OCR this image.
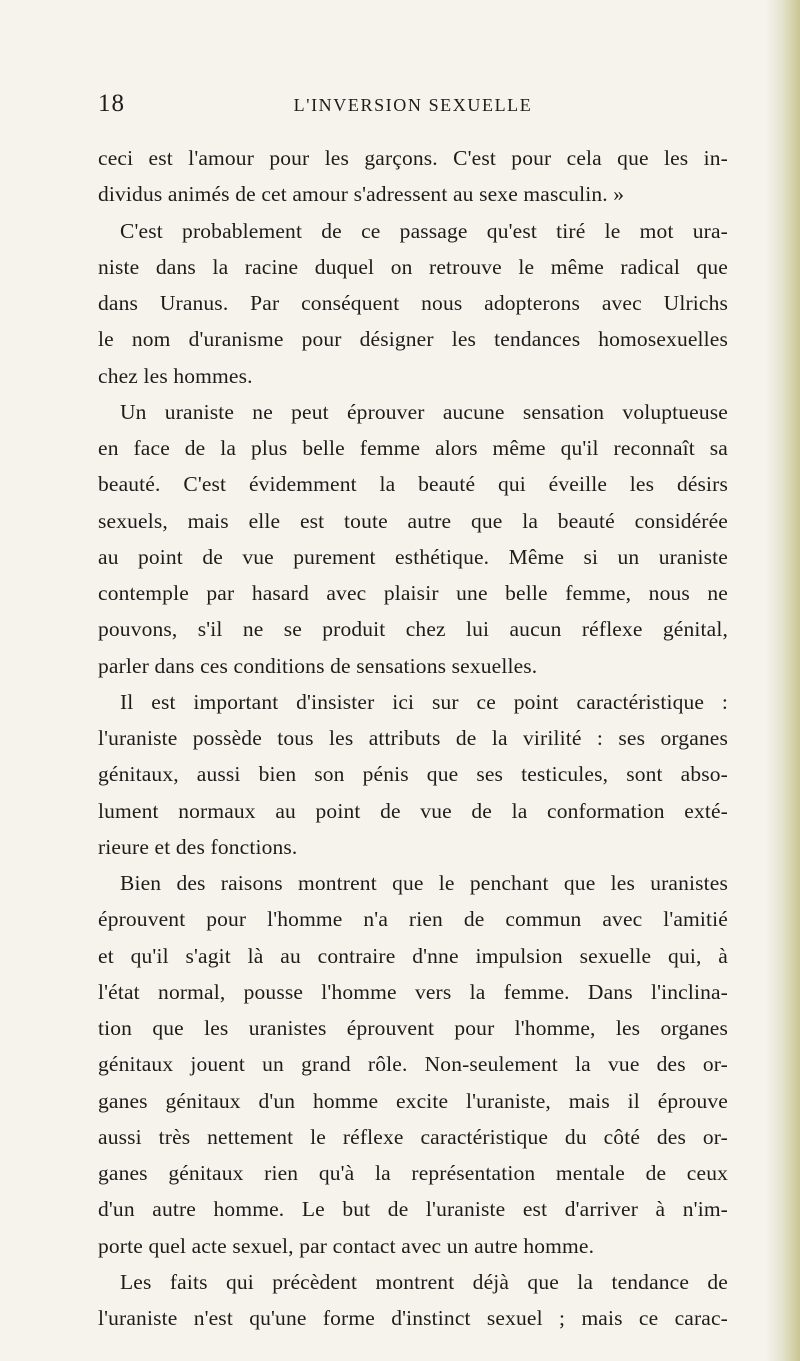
18	L'INVERSION SEXUELLE
ceci est l'amour pour les garçons. C'est pour cela que les in-
dividus animés de cet amour s'adressent au sexe masculin. »
C'est probablement de ce passage qu'est tiré le mot ura-
niste dans la racine duquel on retrouve le même radical que
dans Uranus. Par conséquent nous adopterons avec Ulrichs
le nom d'uranisme pour désigner les tendances homosexuelles
chez les hommes.
Un uraniste ne peut éprouver aucune sensation voluptueuse
en face de la plus belle femme alors même qu'il reconnaît sa
beauté. C'est évidemment la beauté qui éveille les désirs
sexuels, mais elle est toute autre que la beauté considérée
au point de vue purement esthétique. Même si un uraniste
contemple par hasard avec plaisir une belle femme, nous ne
pouvons, s'il ne se produit chez lui aucun réflexe génital,
parler dans ces conditions de sensations sexuelles.
Il est important d'insister ici sur ce point caractéristique :
l'uraniste possède tous les attributs de la virilité : ses organes
génitaux, aussi bien son pénis que ses testicules, sont abso-
lument normaux au point de vue de la conformation exté-
rieure et des fonctions.
Bien des raisons montrent que le penchant que les uranistes
éprouvent pour l'homme n'a rien de commun avec l'amitié
et qu'il s'agit là au contraire d'nne impulsion sexuelle qui, à
l'état normal, pousse l'homme vers la femme. Dans l'inclina-
tion que les uranistes éprouvent pour l'homme, les organes
génitaux jouent un grand rôle. Non-seulement la vue des or-
ganes génitaux d'un homme excite l'uraniste, mais il éprouve
aussi très nettement le réflexe caractéristique du côté des or-
ganes génitaux rien qu'à la représentation mentale de ceux
d'un autre homme. Le but de l'uraniste est d'arriver à n'im-
porte quel acte sexuel, par contact avec un autre homme.
Les faits qui précèdent montrent déjà que la tendance de
l'uraniste n'est qu'une forme d'instinct sexuel ; mais ce carac-
